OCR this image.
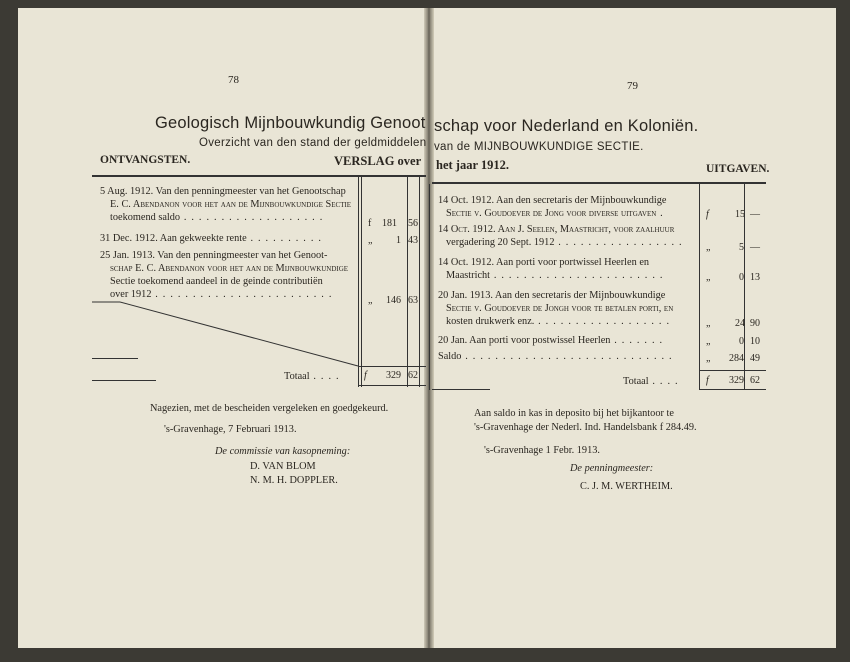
78	79
Geologisch Mijnbouwkundig Genoot schap voor Nederland en Koloniën.
Overzicht van den stand der geldmiddelen van de MIJNBOUWKUNDIGE SECTIE.
ONTVANGSTEN.	VERSLAG over het jaar 1912.	UITGAVEN.
5 Aug. 1912. Van den penningmeester van het Genootschap
E. C. Abendanon voor het aan de Mijnbouwkundige Sectie
toekomend saldo . . . . . . . . . . . . . . . . . . .
f 181 56
31 Dec. 1912. Aan gekweekte rente . . . . . . . . . .	„ 1 43
25 Jan. 1913. Van den penningmeester van het Genoot-
schap E. C. Abendanon voor het aan de Mijnbouwkundige
Sectie toekomend aandeel in de geinde contributiën
over 1912 . . . . . . . . . . . . . . . . . . . . . . . .
„ 146 63
Totaal . . . . f 329 62
14 Oct. 1912. Aan den secretaris der Mijnbouwkundige
Sectie v. Goudoever de Jong voor diverse uitgaven .	f	15 —
14 Oct. 1912. Aan J. Seelen, Maastricht, voor zaalhuur
vergadering 20 Sept. 1912 . . . . . . . . . . . . . . . . . „	5 —
14 Oct. 1912. Aan porti voor portwissel Heerlen en
Maastricht . . . . . . . . . . . . . . . . . . . . . . .	„	0 13
20 Jan. 1913. Aan den secretaris der Mijnbouwkundige
Sectie v. Goudoever de Jongh voor te betalen porti, en
kosten drukwerk enz. . . . . . . . . . . . . . . . . . .	„ 24 90
20 Jan. Aan porti voor postwissel Heerlen . . . . . . .	„	0 10
Saldo . . . . . . . . . . . . . . . . . . . . . . . . . . . .	„ 284 49
Totaal . . . .	f 329 62
Nagezien, met de bescheiden vergeleken en goedgekeurd.
's-Gravenhage, 7 Februari 1913.
De commissie van kasopneming:
D. VAN BLOM
N. M. H. DOPPLER.
Aan saldo in kas in deposito bij het bijkantoor te
's-Gravenhage der Nederl. Ind. Handelsbank f 284.49.
's-Gravenhage 1 Febr. 1913.
De penningmeester:
C. J. M. WERTHEIM.
